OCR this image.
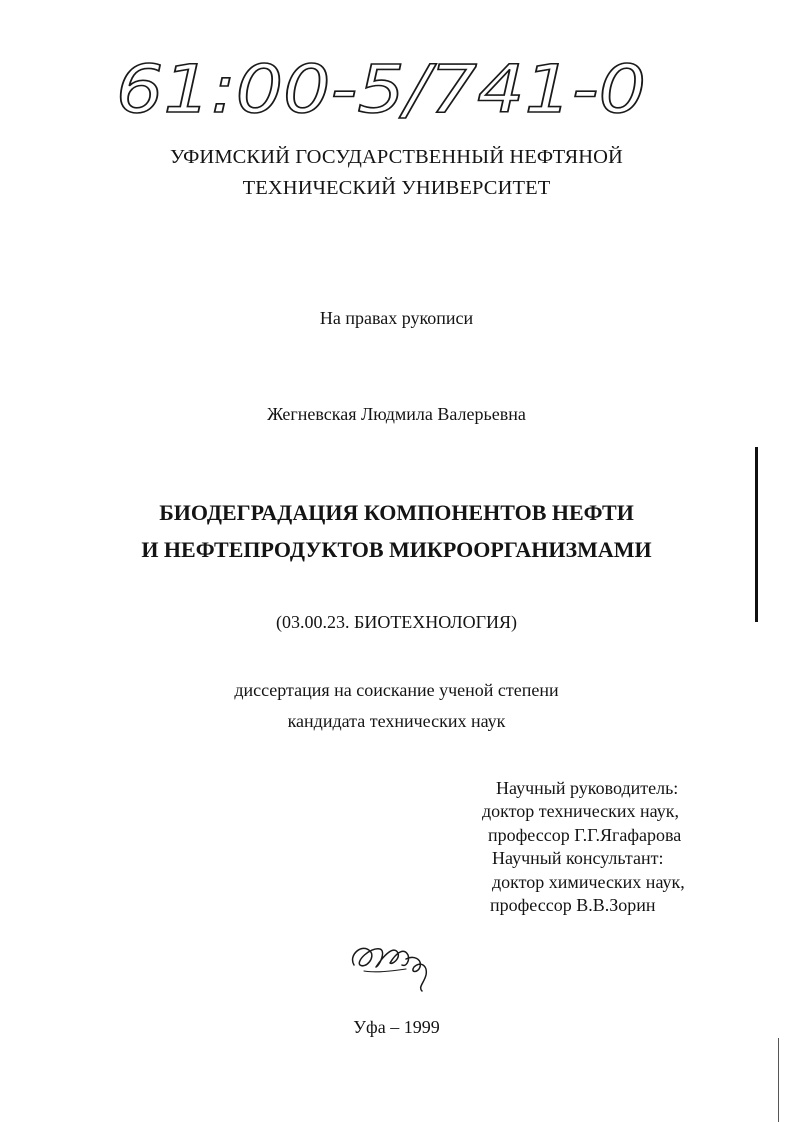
61:00-5/741-0
УФИМСКИЙ ГОСУДАРСТВЕННЫЙ НЕФТЯНОЙ
ТЕХНИЧЕСКИЙ УНИВЕРСИТЕТ
На правах рукописи
Жегневская Людмила Валерьевна
БИОДЕГРАДАЦИЯ КОМПОНЕНТОВ НЕФТИ
И НЕФТЕПРОДУКТОВ МИКРООРГАНИЗМАМИ
(03.00.23. БИОТЕХНОЛОГИЯ)
диссертация на соискание ученой степени
кандидата технических наук
Научный руководитель:
доктор технических наук,
профессор Г.Г.Ягафарова
Научный консультант:
доктор химических наук,
профессор В.В.Зорин
Уфа – 1999
